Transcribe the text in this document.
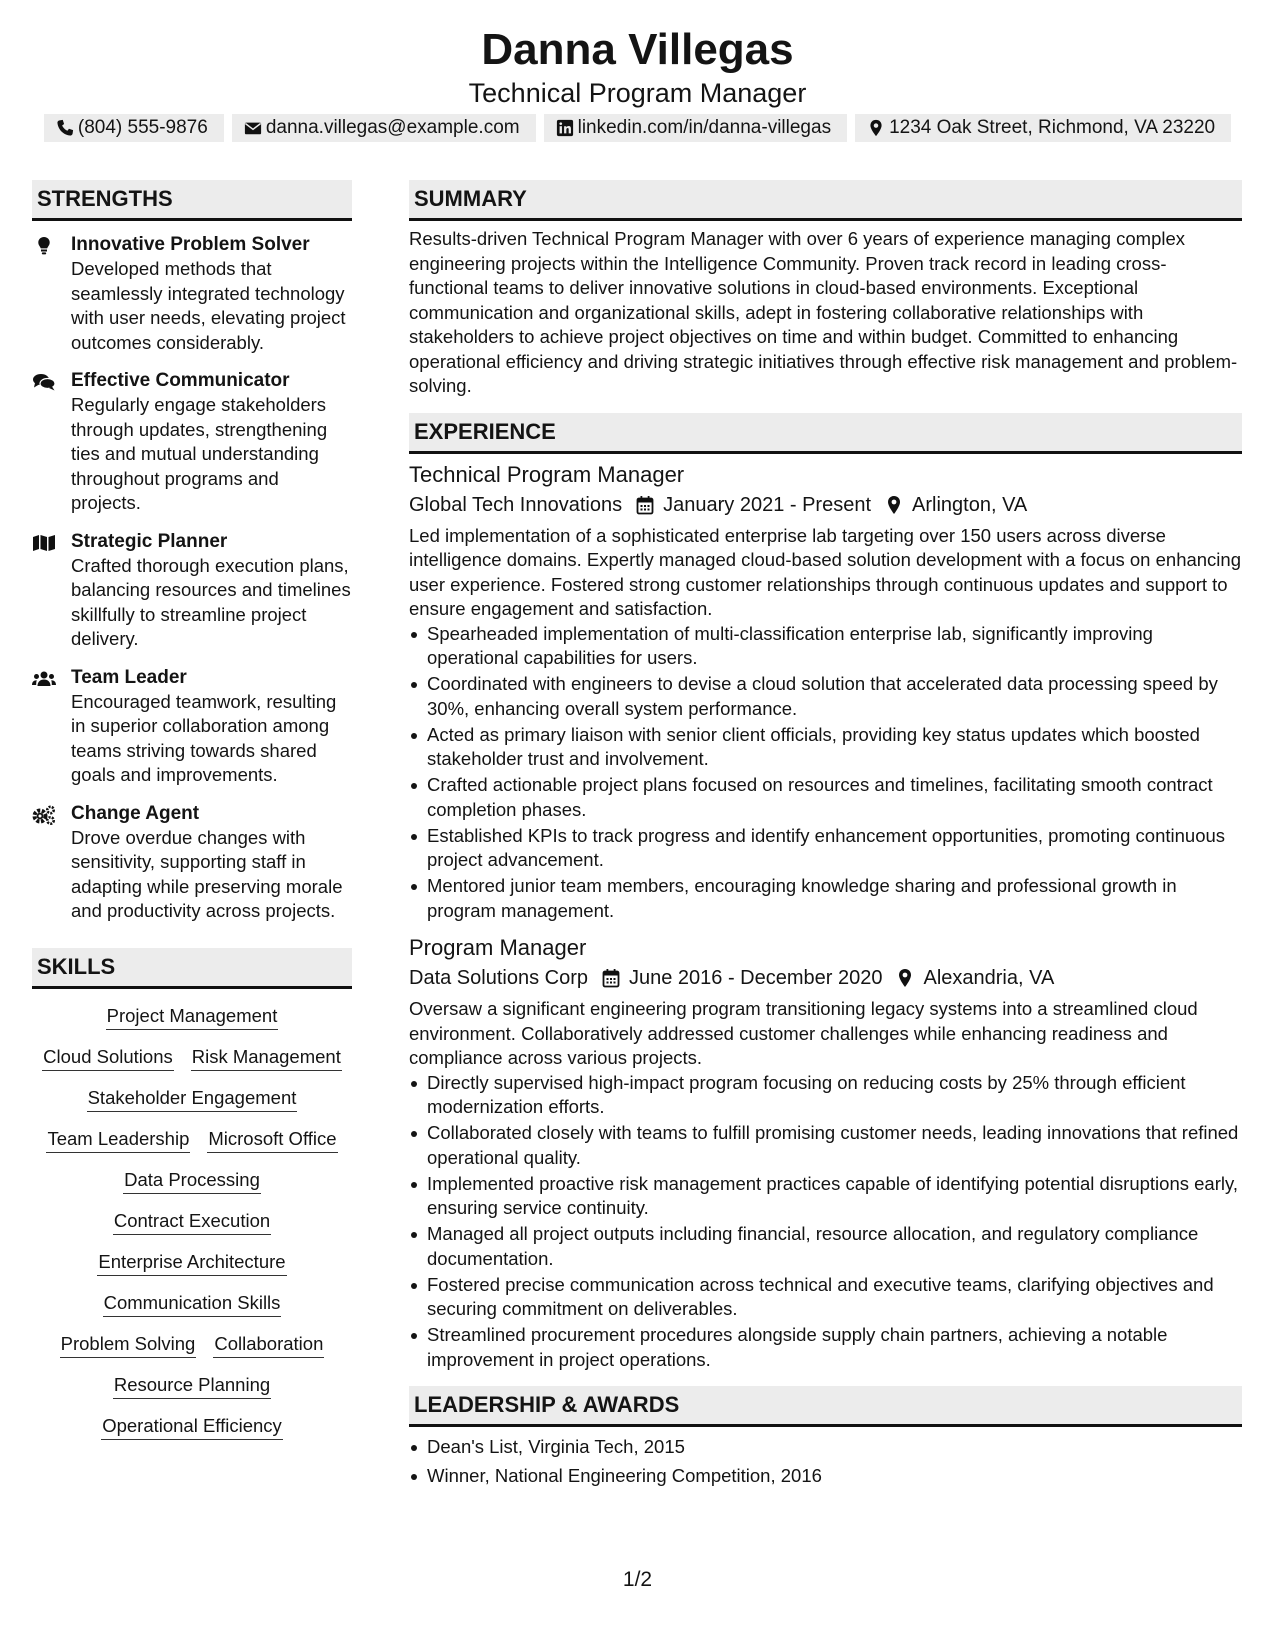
Danna Villegas
Technical Program Manager
(804) 555-9876	danna.villegas@example.com	linkedin.com/in/danna-villegas	1234 Oak Street, Richmond, VA 23220
STRENGTHS
Innovative Problem Solver
Developed methods that seamlessly integrated technology with user needs, elevating project outcomes considerably.
Effective Communicator
Regularly engage stakeholders through updates, strengthening ties and mutual understanding throughout programs and projects.
Strategic Planner
Crafted thorough execution plans, balancing resources and timelines skillfully to streamline project delivery.
Team Leader
Encouraged teamwork, resulting in superior collaboration among teams striving towards shared goals and improvements.
Change Agent
Drove overdue changes with sensitivity, supporting staff in adapting while preserving morale and productivity across projects.
SKILLS
Project Management
Cloud Solutions Risk Management
Stakeholder Engagement
Team Leadership Microsoft Office
Data Processing
Contract Execution
Enterprise Architecture
Communication Skills
Problem Solving Collaboration
Resource Planning
Operational Efficiency
SUMMARY

Results-driven Technical Program Manager with over 6 years of experience managing complex engineering projects within the Intelligence Community. Proven track record in leading cross-functional teams to deliver innovative solutions in cloud-based environments. Exceptional communication and organizational skills, adept in fostering collaborative relationships with stakeholders to achieve project objectives on time and within budget. Committed to enhancing operational efficiency and driving strategic initiatives through effective risk management and problem-solving.

EXPERIENCE
Technical Program Manager
Global Tech Innovations January 2021 - Present Arlington, VA

Led implementation of a sophisticated enterprise lab targeting over 150 users across diverse intelligence domains. Expertly managed cloud-based solution development with a focus on enhancing user experience. Fostered strong customer relationships through continuous updates and support to ensure engagement and satisfaction.

Spearheaded implementation of multi-classification enterprise lab, significantly improving operational capabilities for users.
Coordinated with engineers to devise a cloud solution that accelerated data processing speed by 30%, enhancing overall system performance.
Acted as primary liaison with senior client officials, providing key status updates which boosted stakeholder trust and involvement.
Crafted actionable project plans focused on resources and timelines, facilitating smooth contract completion phases.
Established KPIs to track progress and identify enhancement opportunities, promoting continuous project advancement.
Mentored junior team members, encouraging knowledge sharing and professional growth in program management.
Program Manager
Data Solutions Corp June 2016 - December 2020 Alexandria, VA

Oversaw a significant engineering program transitioning legacy systems into a streamlined cloud environment. Collaboratively addressed customer challenges while enhancing readiness and compliance across various projects.

Directly supervised high-impact program focusing on reducing costs by 25% through efficient modernization efforts.
Collaborated closely with teams to fulfill promising customer needs, leading innovations that refined operational quality.
Implemented proactive risk management practices capable of identifying potential disruptions early, ensuring service continuity.
Managed all project outputs including financial, resource allocation, and regulatory compliance documentation.
Fostered precise communication across technical and executive teams, clarifying objectives and securing commitment on deliverables.
Streamlined procurement procedures alongside supply chain partners, achieving a notable improvement in project operations.
LEADERSHIP & AWARDS
Dean's List, Virginia Tech, 2015
Winner, National Engineering Competition, 2016
1/2
